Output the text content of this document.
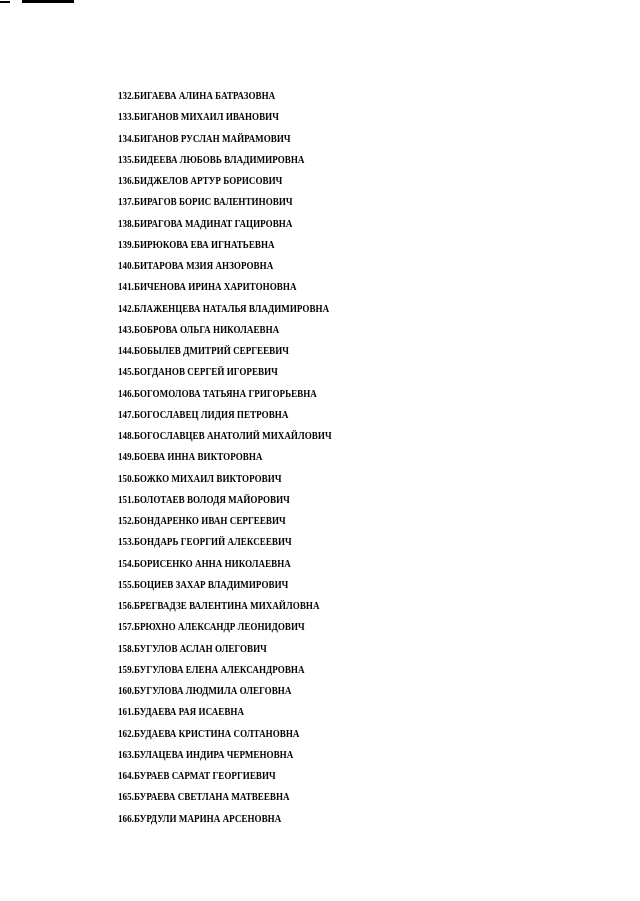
132.БИГАЕВА АЛИНА БАТРАЗОВНА
133.БИГАНОВ МИХАИЛ ИВАНОВИЧ
134.БИГАНОВ РУСЛАН МАЙРАМОВИЧ
135.БИДЕЕВА ЛЮБОВЬ ВЛАДИМИРОВНА
136.БИДЖЕЛОВ АРТУР БОРИСОВИЧ
137.БИРАГОВ БОРИС ВАЛЕНТИНОВИЧ
138.БИРАГОВА МАДИНАТ ГАЦИРОВНА
139.БИРЮКОВА ЕВА ИГНАТЬЕВНА
140.БИТАРОВА МЗИЯ АНЗОРОВНА
141.БИЧЕНОВА ИРИНА ХАРИТОНОВНА
142.БЛАЖЕНЦЕВА НАТАЛЬЯ ВЛАДИМИРОВНА
143.БОБРОВА ОЛЬГА НИКОЛАЕВНА
144.БОБЫЛЕВ ДМИТРИЙ СЕРГЕЕВИЧ
145.БОГДАНОВ СЕРГЕЙ ИГОРЕВИЧ
146.БОГОМОЛОВА ТАТЬЯНА ГРИГОРЬЕВНА
147.БОГОСЛАВЕЦ ЛИДИЯ ПЕТРОВНА
148.БОГОСЛАВЦЕВ АНАТОЛИЙ МИХАЙЛОВИЧ
149.БОЕВА ИННА ВИКТОРОВНА
150.БОЖКО МИХАИЛ ВИКТОРОВИЧ
151.БОЛОТАЕВ ВОЛОДЯ МАЙОРОВИЧ
152.БОНДАРЕНКО ИВАН СЕРГЕЕВИЧ
153.БОНДАРЬ ГЕОРГИЙ АЛЕКСЕЕВИЧ
154.БОРИСЕНКО АННА НИКОЛАЕВНА
155.БОЦИЕВ ЗАХАР ВЛАДИМИРОВИЧ
156.БРЕГВАДЗЕ ВАЛЕНТИНА МИХАЙЛОВНА
157.БРЮХНО АЛЕКСАНДР ЛЕОНИДОВИЧ
158.БУГУЛОВ АСЛАН ОЛЕГОВИЧ
159.БУГУЛОВА ЕЛЕНА АЛЕКСАНДРОВНА
160.БУГУЛОВА ЛЮДМИЛА ОЛЕГОВНА
161.БУДАЕВА РАЯ ИСАЕВНА
162.БУДАЕВА КРИСТИНА СОЛТАНОВНА
163.БУЛАЦЕВА ИНДИРА ЧЕРМЕНОВНА
164.БУРАЕВ САРМАТ ГЕОРГИЕВИЧ
165.БУРАЕВА СВЕТЛАНА МАТВЕЕВНА
166.БУРДУЛИ МАРИНА АРСЕНОВНА
